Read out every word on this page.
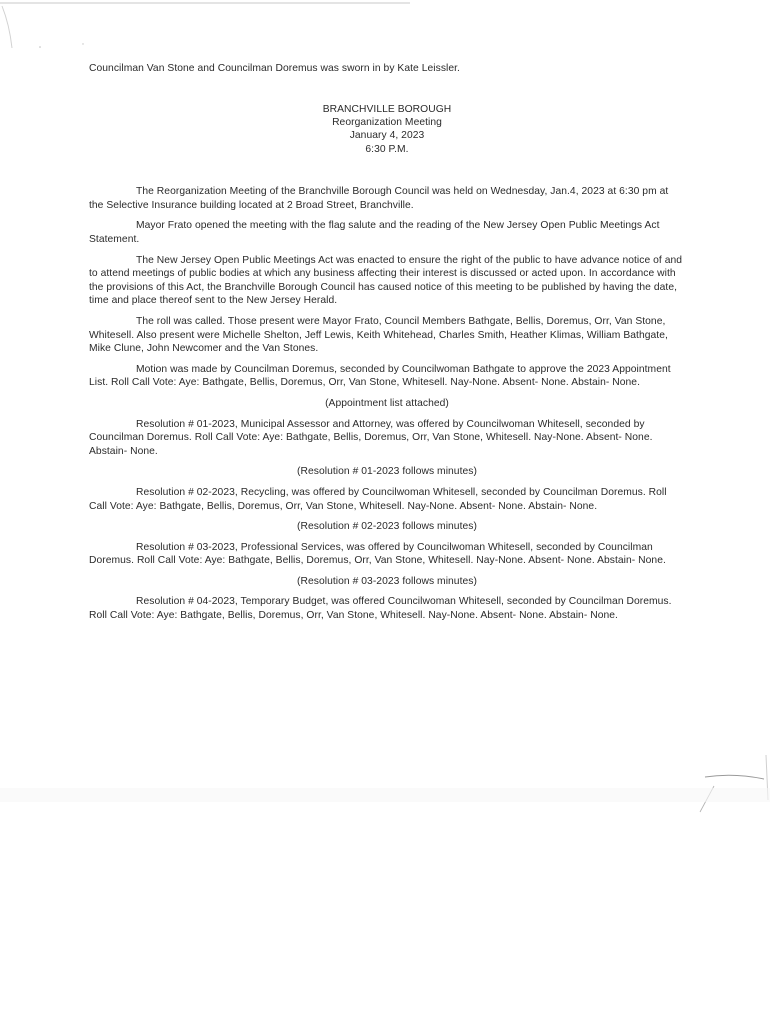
Councilman Van Stone and Councilman Doremus was sworn in by Kate Leissler.

BRANCHVILLE BOROUGH
Reorganization Meeting
January 4, 2023
6:30 P.M.

The Reorganization Meeting of the Branchville Borough Council was held on Wednesday, Jan.4, 2023 at 6:30 pm at the Selective Insurance building located at 2 Broad Street, Branchville.

Mayor Frato opened the meeting with the flag salute and the reading of the New Jersey Open Public Meetings Act Statement.

The New Jersey Open Public Meetings Act was enacted to ensure the right of the public to have advance notice of and to attend meetings of public bodies at which any business affecting their interest is discussed or acted upon. In accordance with the provisions of this Act, the Branchville Borough Council has caused notice of this meeting to be published by having the date, time and place thereof sent to the New Jersey Herald.

The roll was called. Those present were Mayor Frato, Council Members Bathgate, Bellis, Doremus, Orr, Van Stone, Whitesell. Also present were Michelle Shelton, Jeff Lewis, Keith Whitehead, Charles Smith, Heather Klimas, William Bathgate, Mike Clune, John Newcomer and the Van Stones.

Motion was made by Councilman Doremus, seconded by Councilwoman Bathgate to approve the 2023 Appointment List. Roll Call Vote: Aye: Bathgate, Bellis, Doremus, Orr, Van Stone, Whitesell. Nay-None. Absent- None. Abstain- None.

(Appointment list attached)

Resolution # 01-2023, Municipal Assessor and Attorney, was offered by Councilwoman Whitesell, seconded by Councilman Doremus. Roll Call Vote: Aye: Bathgate, Bellis, Doremus, Orr, Van Stone, Whitesell. Nay-None. Absent- None. Abstain- None.

(Resolution # 01-2023 follows minutes)

Resolution # 02-2023, Recycling, was offered by Councilwoman Whitesell, seconded by Councilman Doremus. Roll Call Vote: Aye: Bathgate, Bellis, Doremus, Orr, Van Stone, Whitesell. Nay-None. Absent- None. Abstain- None.

(Resolution # 02-2023 follows minutes)

Resolution # 03-2023, Professional Services, was offered by Councilwoman Whitesell, seconded by Councilman Doremus. Roll Call Vote: Aye: Bathgate, Bellis, Doremus, Orr, Van Stone, Whitesell. Nay-None. Absent- None. Abstain- None.

(Resolution # 03-2023 follows minutes)

Resolution # 04-2023, Temporary Budget, was offered Councilwoman Whitesell, seconded by Councilman Doremus. Roll Call Vote: Aye: Bathgate, Bellis, Doremus, Orr, Van Stone, Whitesell. Nay-None. Absent- None. Abstain- None.
